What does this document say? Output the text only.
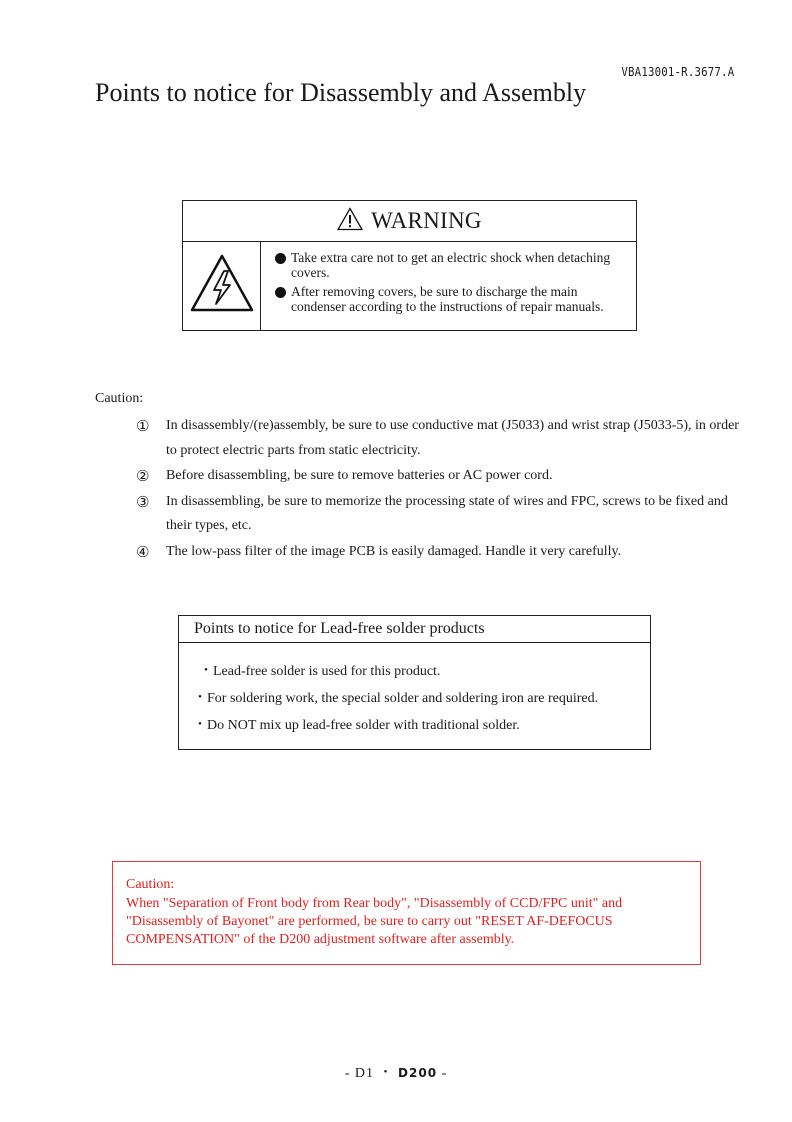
VBA13001-R.3677.A
Points to notice for Disassembly and Assembly
WARNING
Take extra care not to get an electric shock when detaching covers.
After removing covers, be sure to discharge the main condenser according to the instructions of repair manuals.
Caution:
① In disassembly/(re)assembly, be sure to use conductive mat (J5033) and wrist strap (J5033-5), in order to protect electric parts from static electricity.
② Before disassembling, be sure to remove batteries or AC power cord.
③ In disassembling, be sure to memorize the processing state of wires and FPC, screws to be fixed and their types, etc.
④ The low-pass filter of the image PCB is easily damaged. Handle it very carefully.
Points to notice for Lead-free solder products
・Lead-free solder is used for this product.
・For soldering work, the special solder and soldering iron are required.
・Do NOT mix up lead-free solder with traditional solder.
Caution:
When "Separation of Front body from Rear body", "Disassembly of CCD/FPC unit" and "Disassembly of Bayonet" are performed, be sure to carry out "RESET AF-DEFOCUS COMPENSATION" of the D200 adjustment software after assembly.
- D1 ・ D200 -
